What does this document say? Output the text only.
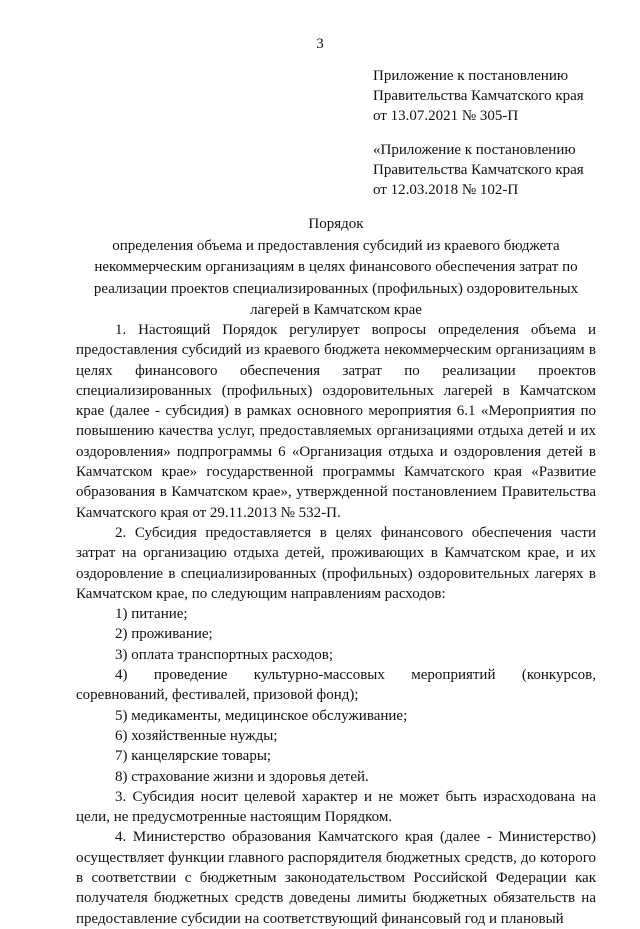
3
Приложение к постановлению
Правительства Камчатского края
от 13.07.2021 № 305-П
«Приложение к постановлению
Правительства Камчатского края
от 12.03.2018 № 102-П
Порядок
определения объема и предоставления субсидий из краевого бюджета
некоммерческим организациям в целях финансового обеспечения затрат по
реализации проектов специализированных (профильных) оздоровительных
лагерей в Камчатском крае

1. Настоящий Порядок регулирует вопросы определения объема и предоставления субсидий из краевого бюджета некоммерческим организациям в целях финансового обеспечения затрат по реализации проектов специализированных (профильных) оздоровительных лагерей в Камчатском крае (далее - субсидия) в рамках основного мероприятия 6.1 «Мероприятия по повышению качества услуг, предоставляемых организациями отдыха детей и их оздоровления» подпрограммы 6 «Организация отдыха и оздоровления детей в Камчатском крае» государственной программы Камчатского края «Развитие образования в Камчатском крае», утвержденной постановлением Правительства Камчатского края от 29.11.2013 № 532-П.

2. Субсидия предоставляется в целях финансового обеспечения части затрат на организацию отдыха детей, проживающих в Камчатском крае, и их оздоровление в специализированных (профильных) оздоровительных лагерях в Камчатском крае, по следующим направлениям расходов:

1) питание;
2) проживание;
3) оплата транспортных расходов;

4) проведение культурно-массовых мероприятий (конкурсов, соревнований, фестивалей, призовой фонд);

5) медикаменты, медицинское обслуживание;
6) хозяйственные нужды;
7) канцелярские товары;
8) страхование жизни и здоровья детей.

3. Субсидия носит целевой характер и не может быть израсходована на цели, не предусмотренные настоящим Порядком.

4. Министерство образования Камчатского края (далее - Министерство) осуществляет функции главного распорядителя бюджетных средств, до которого в соответствии с бюджетным законодательством Российской Федерации как получателя бюджетных средств доведены лимиты бюджетных обязательств на предоставление субсидии на соответствующий финансовый год и плановый
